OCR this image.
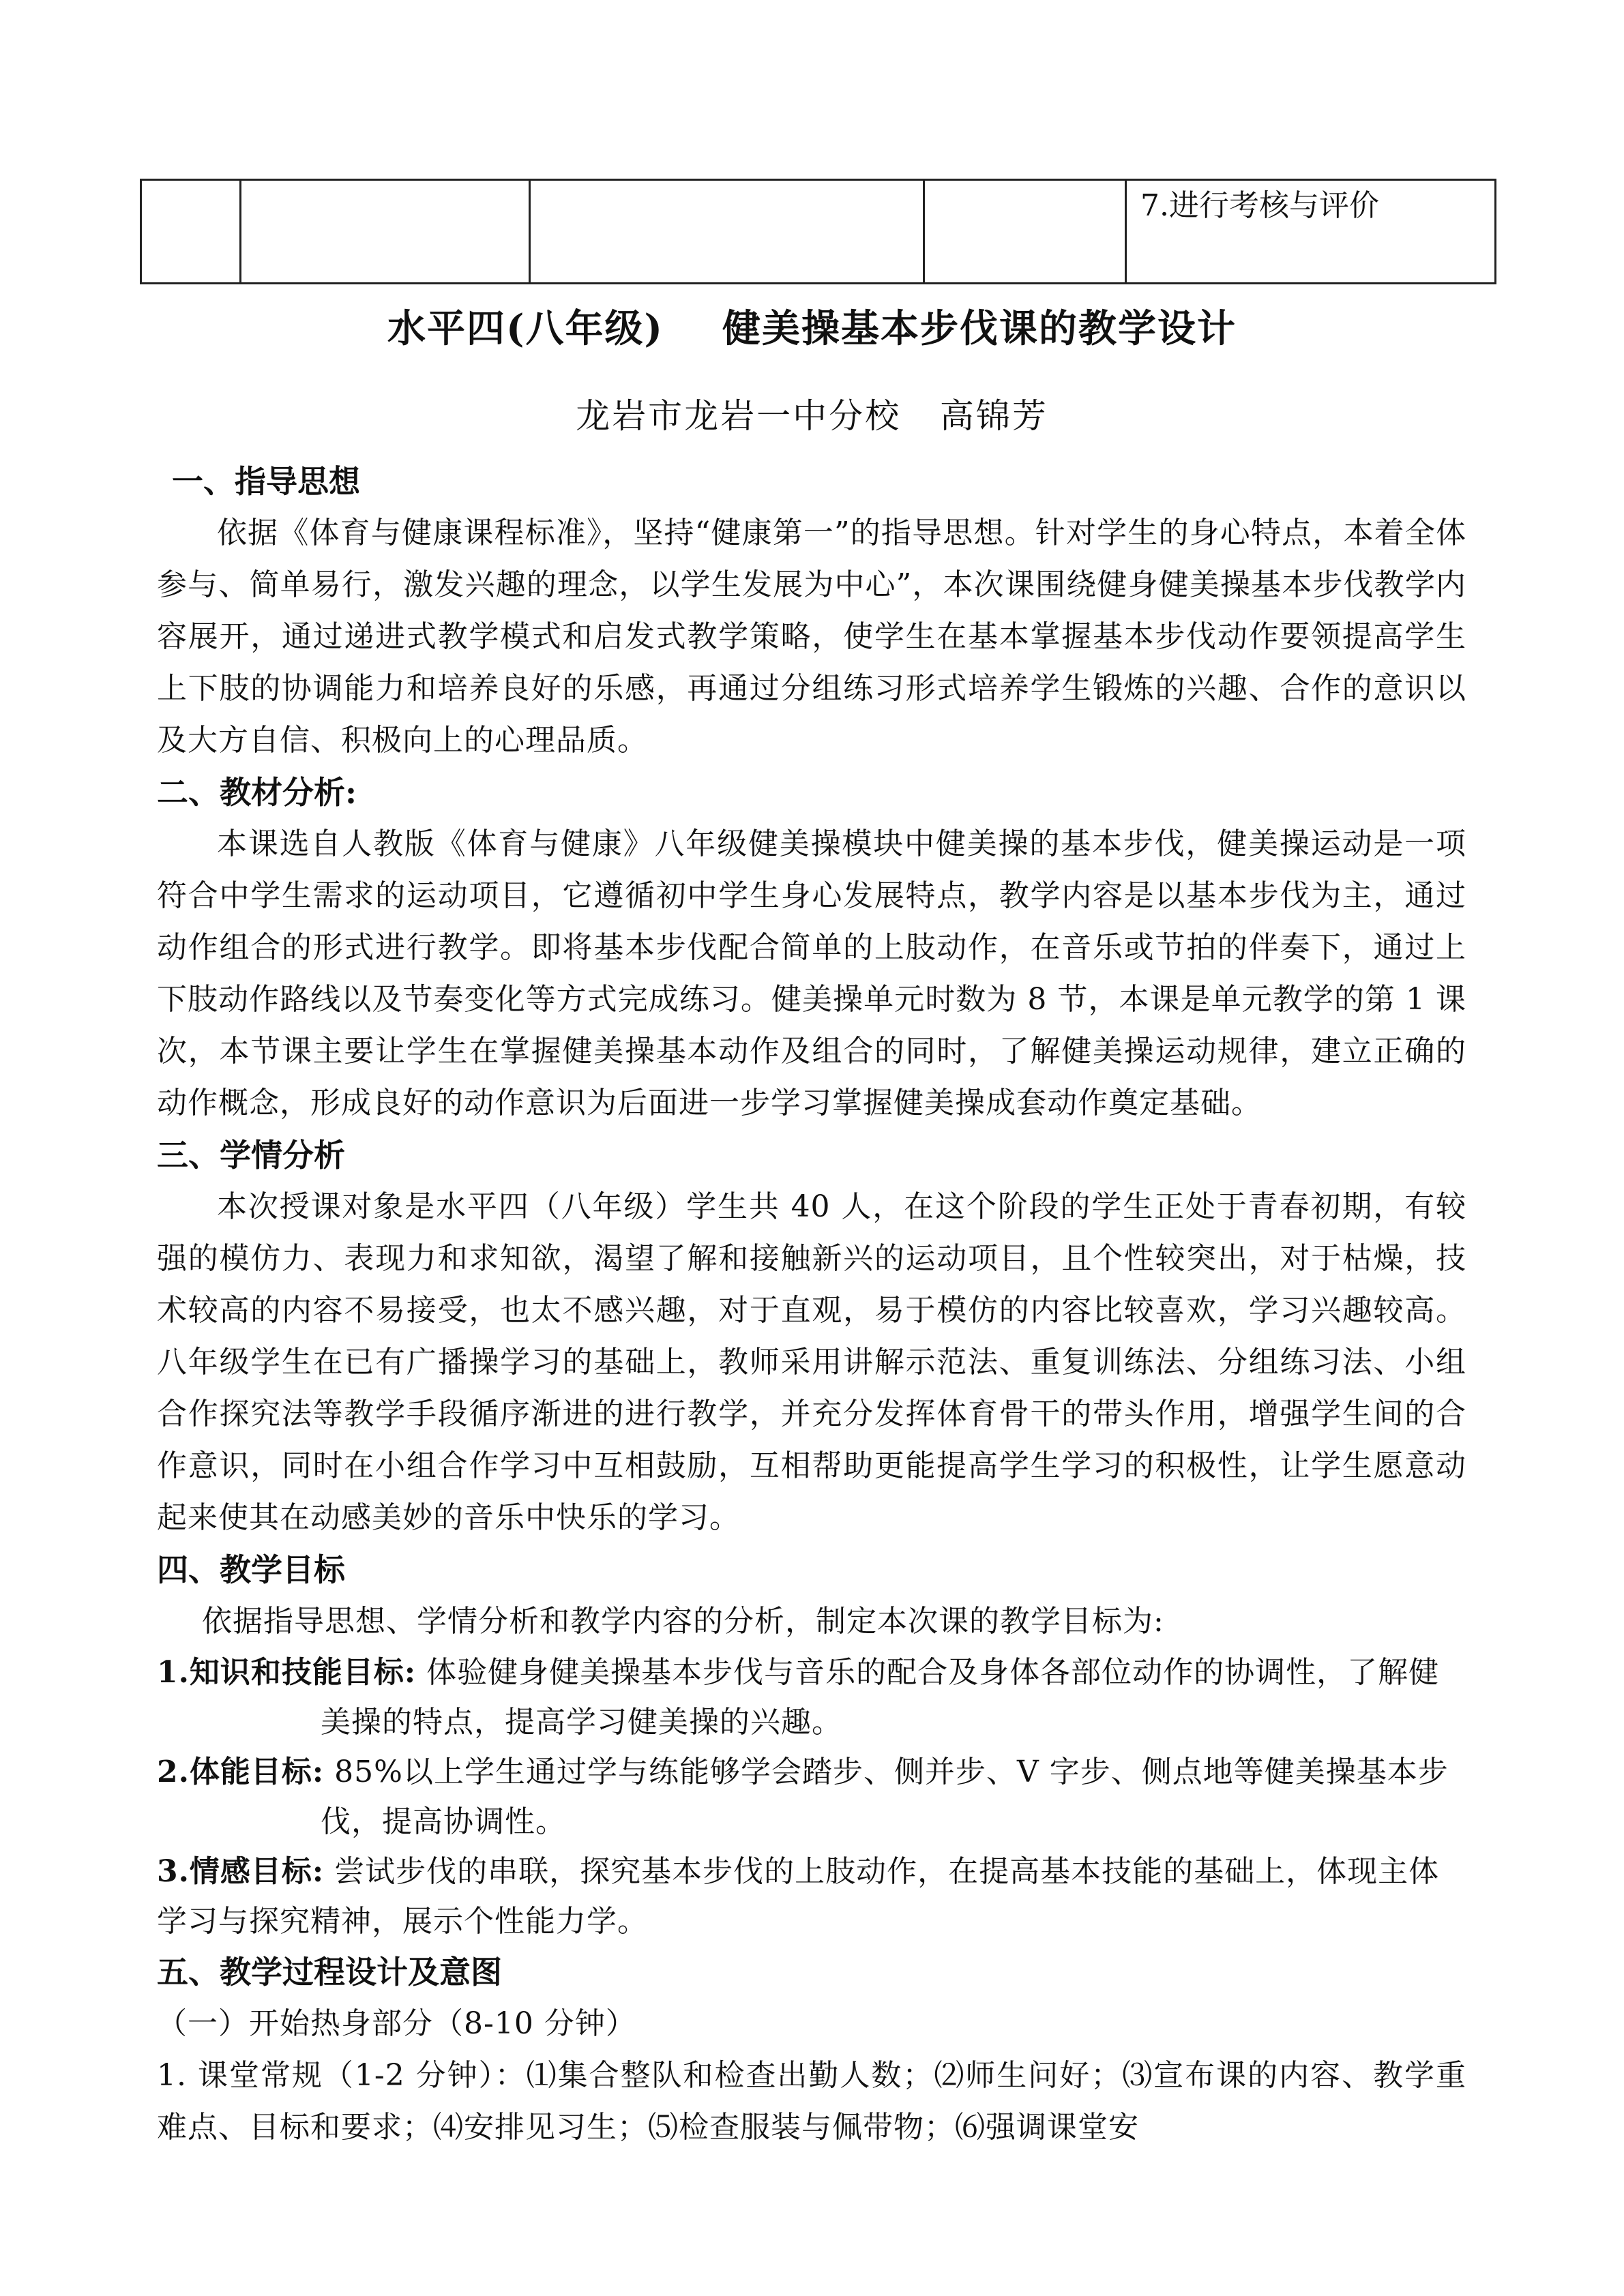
7.进行考核与评价
水平四(八年级)    健美操基本步伐课的教学设计
龙岩市龙岩一中分校   高锦芳
一、指导思想
依据《体育与健康课程标准》，坚持“健康第一”的指导思想。针对学生的身心特点，本着全体参与、简单易行，激发兴趣的理念，以学生发展为中心”，本次课围绕健身健美操基本步伐教学内容展开，通过递进式教学模式和启发式教学策略，使学生在基本掌握基本步伐动作要领提高学生上下肢的协调能力和培养良好的乐感，再通过分组练习形式培养学生锻炼的兴趣、合作的意识以及大方自信、积极向上的心理品质。
二、教材分析:
本课选自人教版《体育与健康》八年级健美操模块中健美操的基本步伐，健美操运动是一项符合中学生需求的运动项目，它遵循初中学生身心发展特点，教学内容是以基本步伐为主，通过动作组合的形式进行教学。即将基本步伐配合简单的上肢动作，在音乐或节拍的伴奏下，通过上下肢动作路线以及节奏变化等方式完成练习。健美操单元时数为 8 节，本课是单元教学的第 1 课次，本节课主要让学生在掌握健美操基本动作及组合的同时，了解健美操运动规律，建立正确的动作概念，形成良好的动作意识为后面进一步学习掌握健美操成套动作奠定基础。
三、学情分析
本次授课对象是水平四（八年级）学生共 40 人，在这个阶段的学生正处于青春初期，有较强的模仿力、表现力和求知欲，渴望了解和接触新兴的运动项目，且个性较突出，对于枯燥，技术较高的内容不易接受，也太不感兴趣，对于直观，易于模仿的内容比较喜欢，学习兴趣较高。八年级学生在已有广播操学习的基础上，教师采用讲解示范法、重复训练法、分组练习法、小组合作探究法等教学手段循序渐进的进行教学，并充分发挥体育骨干的带头作用，增强学生间的合作意识，同时在小组合作学习中互相鼓励，互相帮助更能提高学生学习的积极性，让学生愿意动起来使其在动感美妙的音乐中快乐的学习。
四、教学目标
依据指导思想、学情分析和教学内容的分析，制定本次课的教学目标为:
1.知识和技能目标: 体验健身健美操基本步伐与音乐的配合及身体各部位动作的协调性，了解健美操的特点，提高学习健美操的兴趣。
2.体能目标: 85%以上学生通过学与练能够学会踏步、侧并步、V 字步、侧点地等健美操基本步伐，提高协调性。
3.情感目标: 尝试步伐的串联，探究基本步伐的上肢动作，在提高基本技能的基础上，体现主体学习与探究精神，展示个性能力学。
五、教学过程设计及意图
（一）开始热身部分（8-10 分钟）
1. 课堂常规（1-2 分钟）：⑴集合整队和检查出勤人数；⑵师生问好；⑶宣布课的内容、教学重难点、目标和要求；⑷安排见习生；⑸检查服装与佩带物；⑹强调课堂安
